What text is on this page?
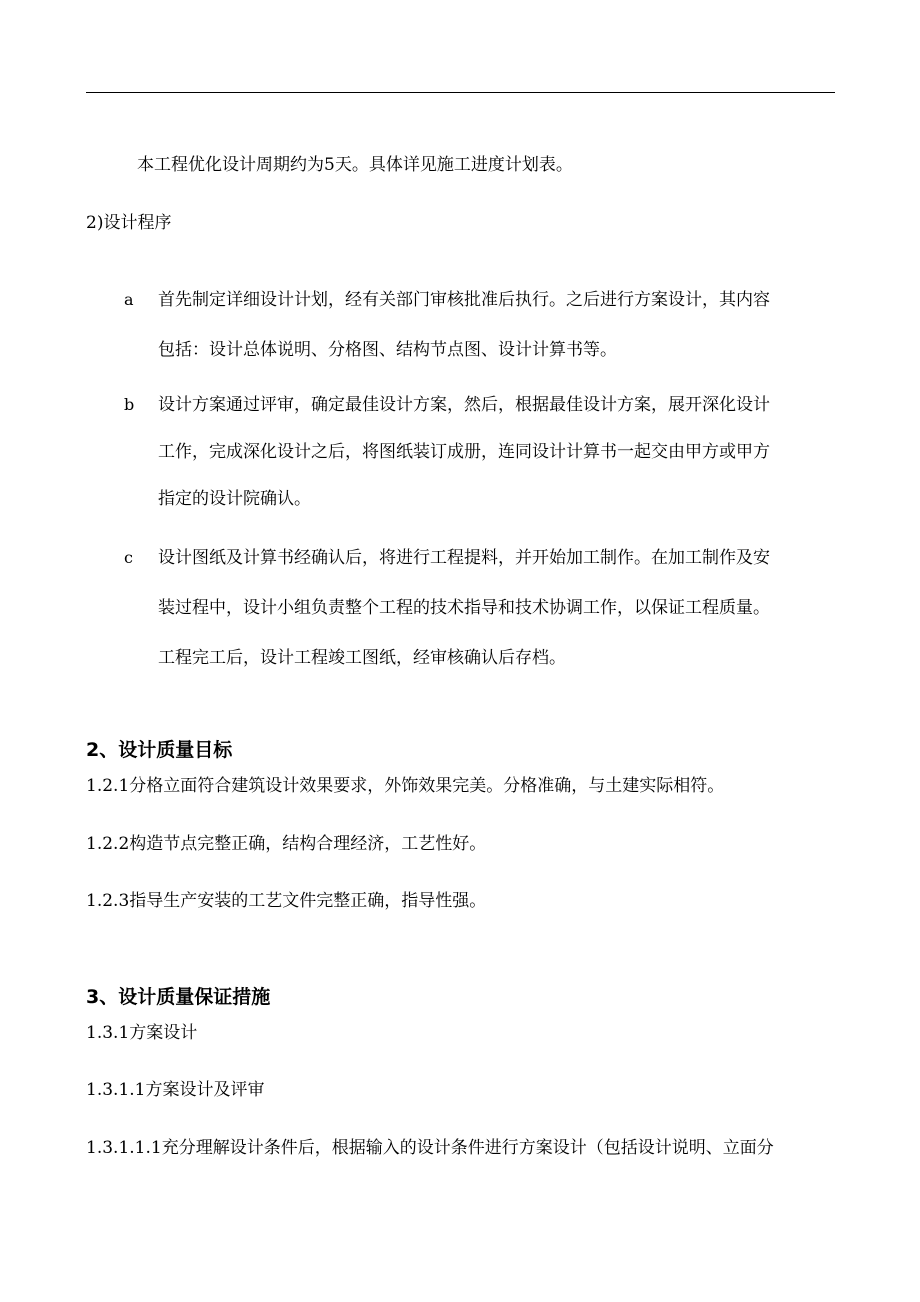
本工程优化设计周期约为5天。具体详见施工进度计划表。
2)设计程序
a 首先制定详细设计计划，经有关部门审核批准后执行。之后进行方案设计，其内容
包括：设计总体说明、分格图、结构节点图、设计计算书等。
b 设计方案通过评审，确定最佳设计方案，然后，根据最佳设计方案，展开深化设计
工作，完成深化设计之后，将图纸装订成册，连同设计计算书一起交由甲方或甲方
指定的设计院确认。
c 设计图纸及计算书经确认后，将进行工程提料，并开始加工制作。在加工制作及安
装过程中，设计小组负责整个工程的技术指导和技术协调工作，以保证工程质量。
工程完工后，设计工程竣工图纸，经审核确认后存档。
2、设计质量目标
1.2.1分格立面符合建筑设计效果要求，外饰效果完美。分格准确，与土建实际相符。
1.2.2构造节点完整正确，结构合理经济，工艺性好。
1.2.3指导生产安装的工艺文件完整正确，指导性强。
3、设计质量保证措施
1.3.1方案设计
1.3.1.1方案设计及评审
1.3.1.1.1充分理解设计条件后，根据输入的设计条件进行方案设计（包括设计说明、立面分
